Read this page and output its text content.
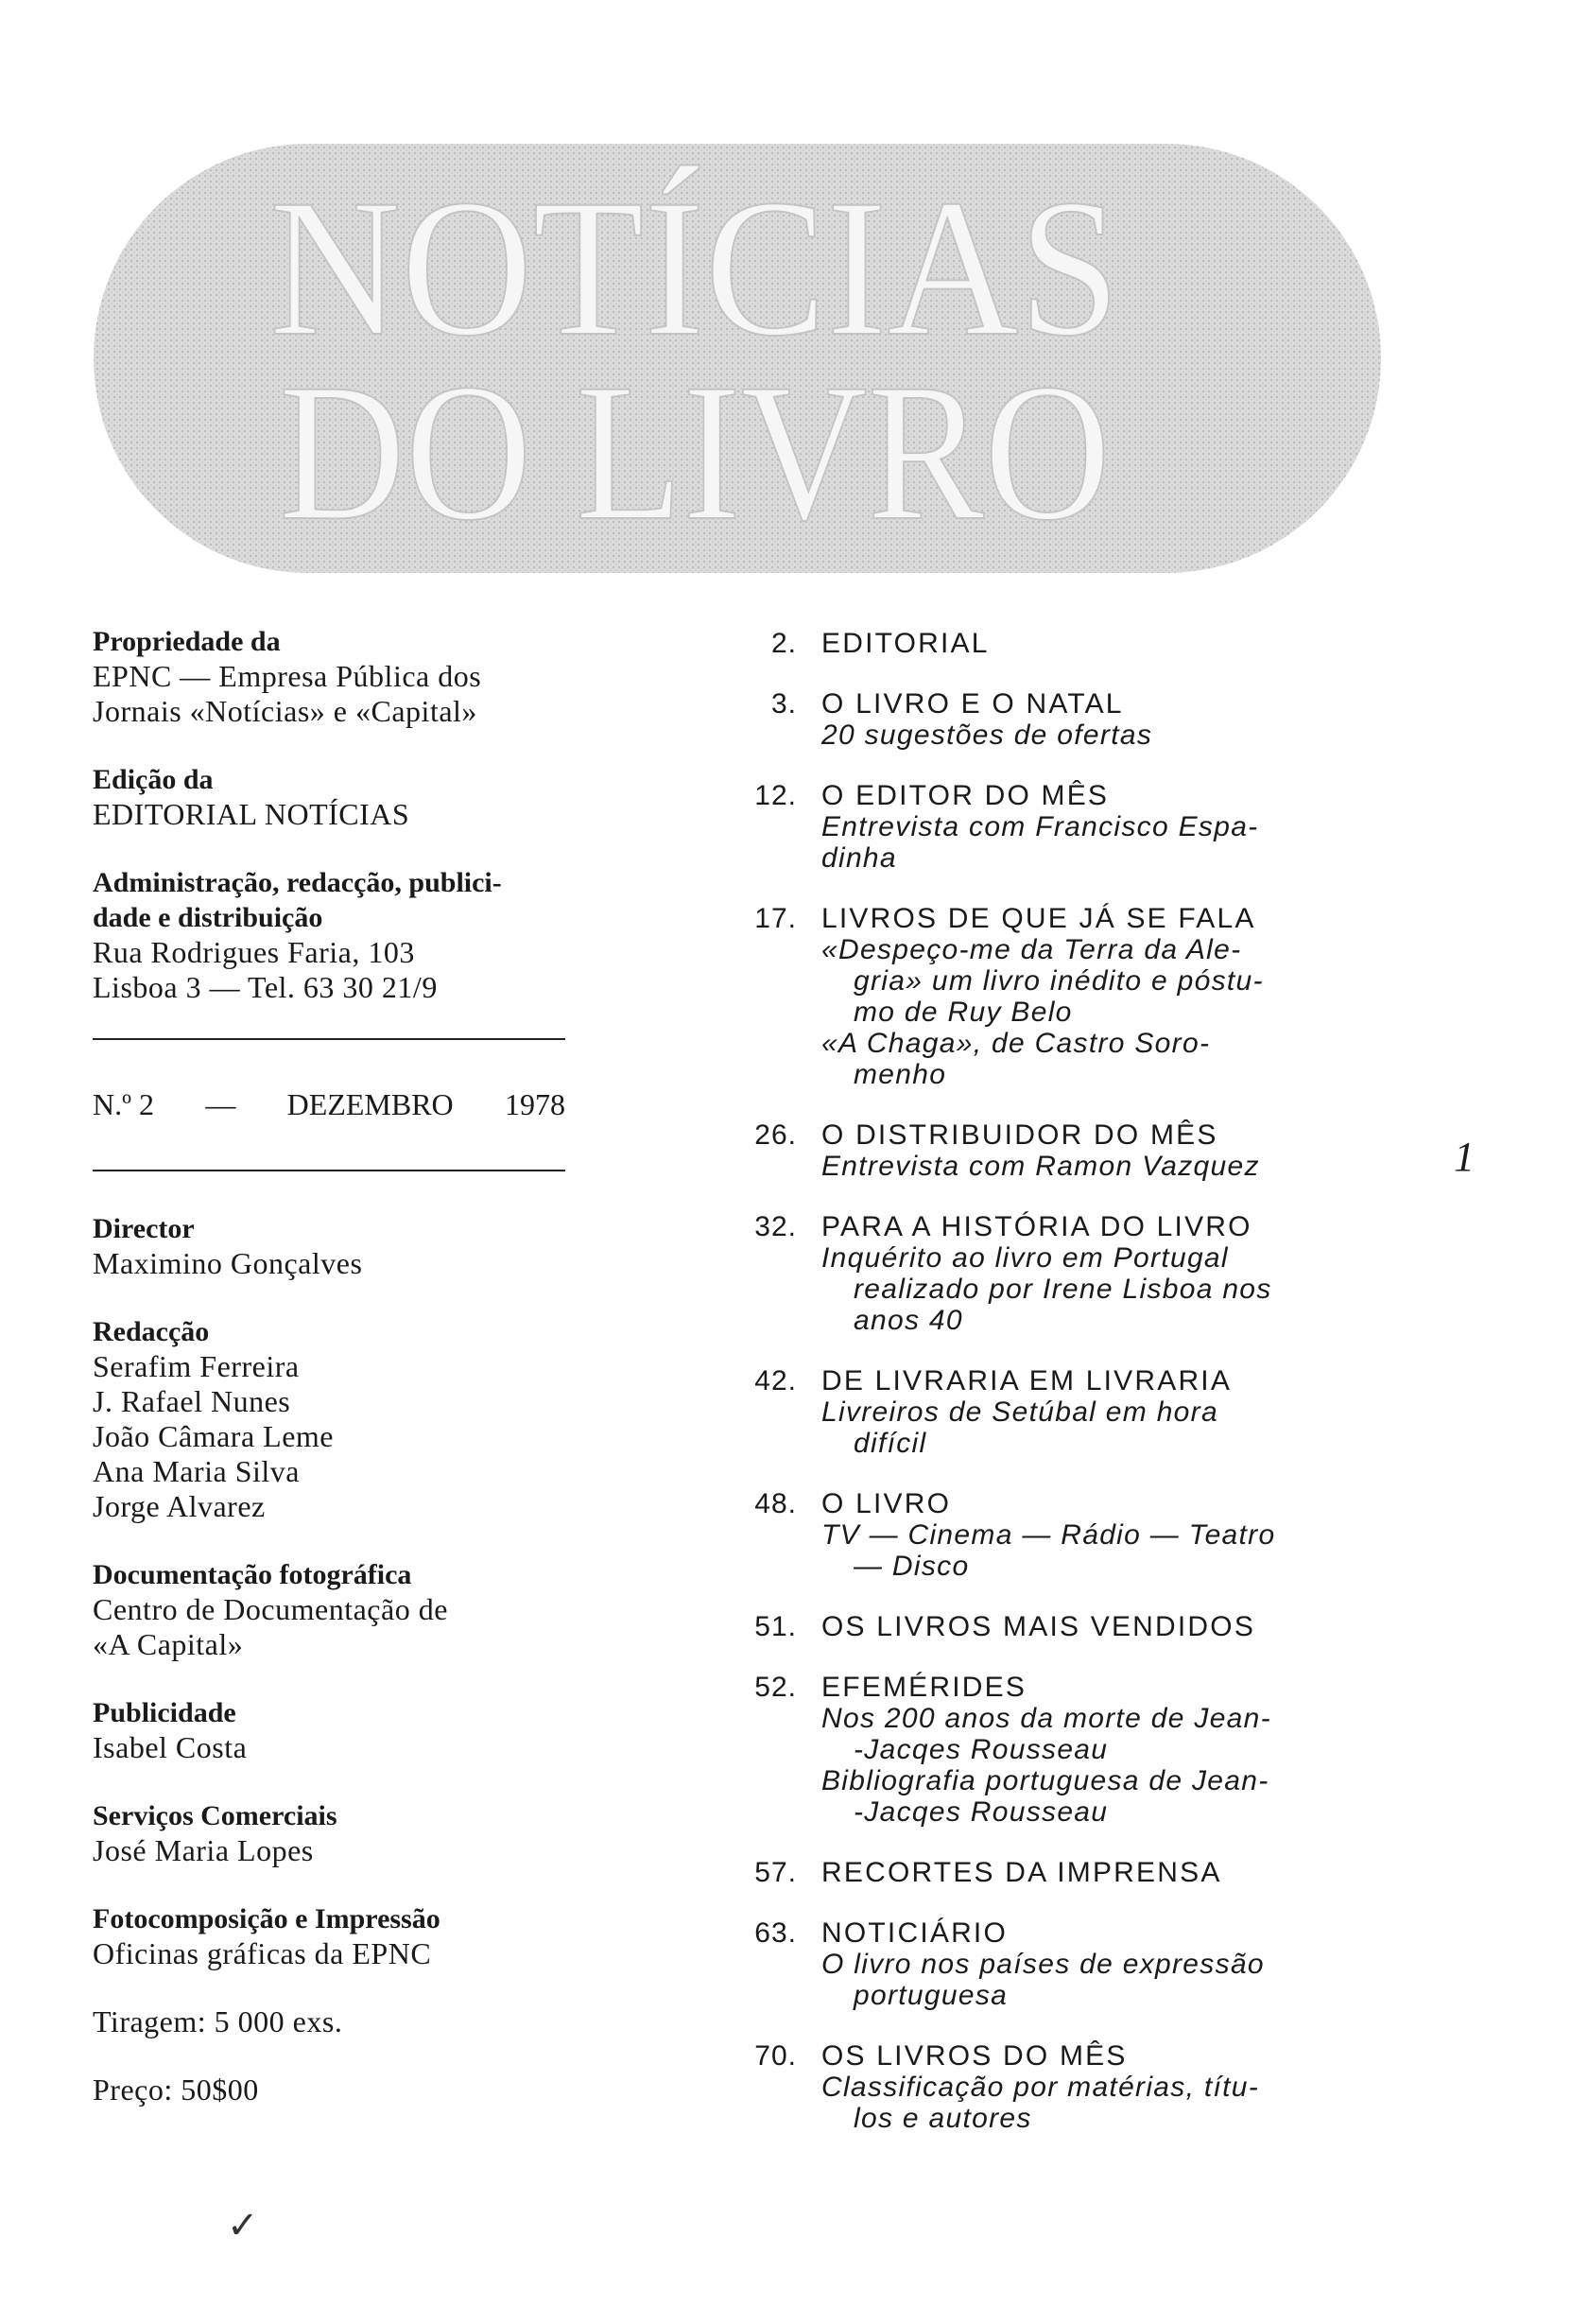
NOTÍCIAS
DO LIVRO
Propriedade da
EPNC — Empresa Pública dos
Jornais «Notícias» e «Capital»
Edição da
EDITORIAL NOTÍCIAS
Administração, redacção, publici-
dade e distribuição
Rua Rodrigues Faria, 103
Lisboa 3 — Tel. 63 30 21/9
N.º 2 — DEZEMBRO 1978
Director
Maximino Gonçalves
Redacção
Serafim Ferreira
J. Rafael Nunes
João Câmara Leme
Ana Maria Silva
Jorge Alvarez
Documentação fotográfica
Centro de Documentação de
«A Capital»
Publicidade
Isabel Costa
Serviços Comerciais
José Maria Lopes
Fotocomposição e Impressão
Oficinas gráficas da EPNC
Tiragem: 5 000 exs.
Preço: 50$00
2. EDITORIAL
3. O LIVRO E O NATAL
20 sugestões de ofertas
12. O EDITOR DO MÊS
Entrevista com Francisco Espa-
dinha
17. LIVROS DE QUE JÁ SE FALA
«Despeço-me da Terra da Ale-
gria» um livro inédito e póstu-
mo de Ruy Belo
«A Chaga», de Castro Soro-
menho
26. O DISTRIBUIDOR DO MÊS
Entrevista com Ramon Vazquez
32. PARA A HISTÓRIA DO LIVRO
Inquérito ao livro em Portugal
realizado por Irene Lisboa nos
anos 40
42. DE LIVRARIA EM LIVRARIA
Livreiros de Setúbal em hora
difícil
48. O LIVRO
TV — Cinema — Rádio — Teatro
— Disco
51. OS LIVROS MAIS VENDIDOS
52. EFEMÉRIDES
Nos 200 anos da morte de Jean-
-Jacqes Rousseau
Bibliografia portuguesa de Jean-
-Jacqes Rousseau
57. RECORTES DA IMPRENSA
63. NOTICIÁRIO
O livro nos países de expressão
portuguesa
70. OS LIVROS DO MÊS
Classificação por matérias, títu-
los e autores
1
✓
